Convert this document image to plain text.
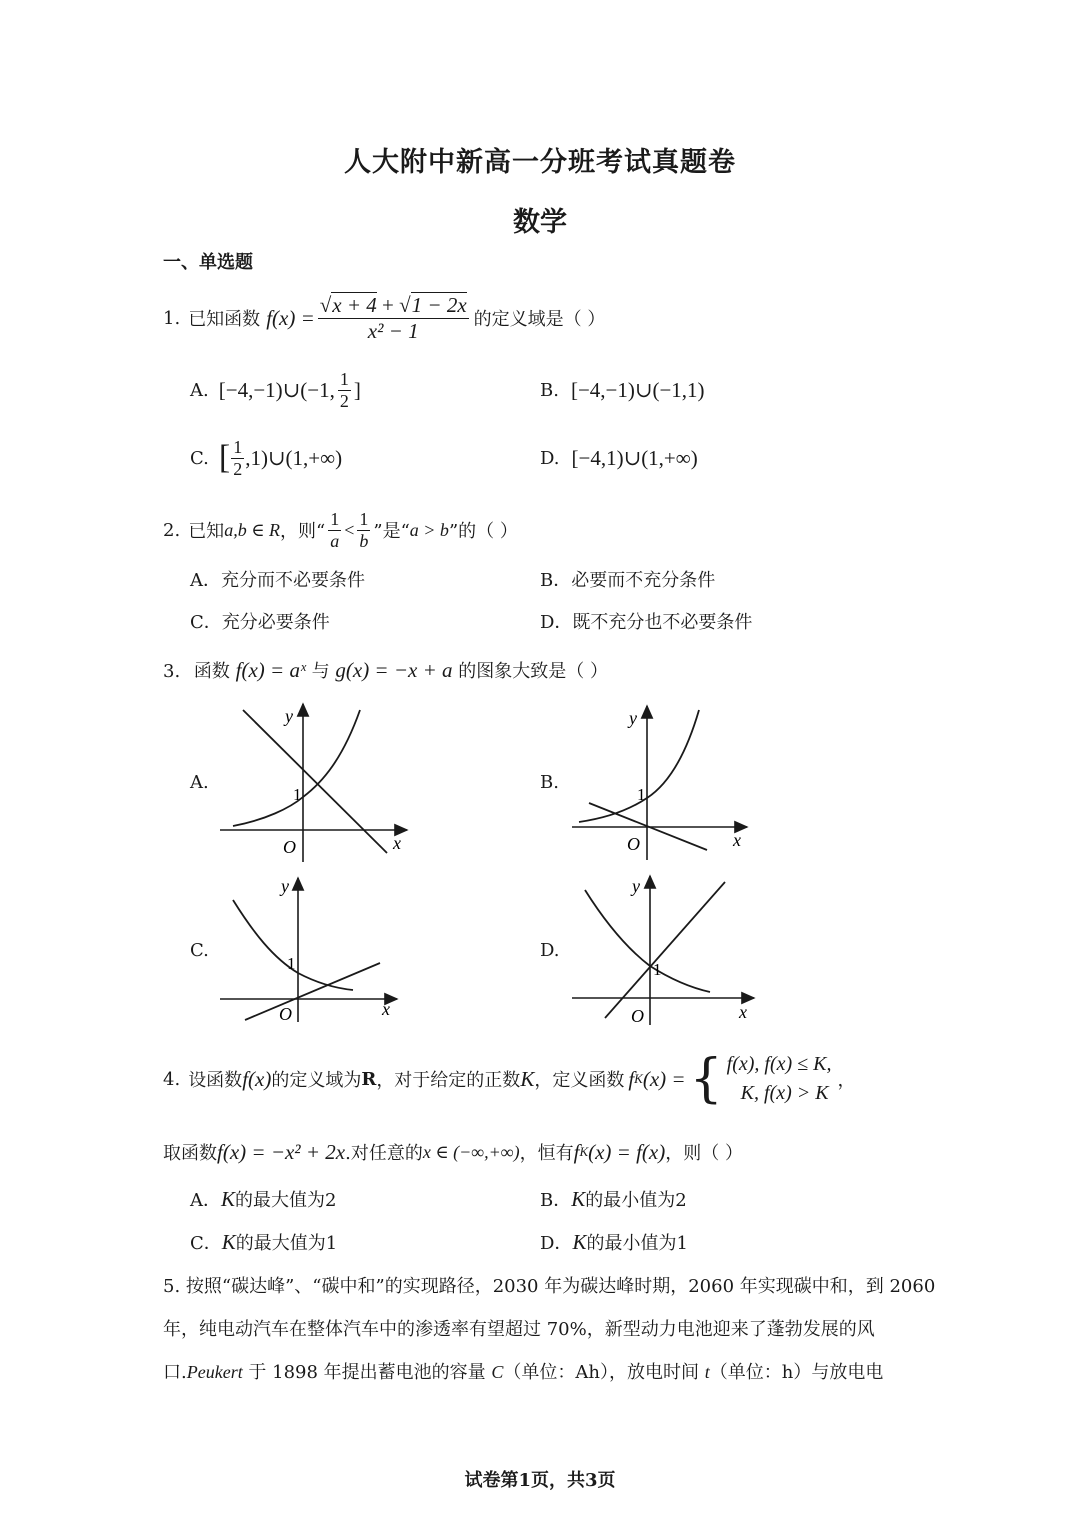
人大附中新高一分班考试真题卷
数学
一、单选题
1. 已知函数 $f(x) = \frac{√x + 4 + √1 - 2x}{\text{x² − 1}}$ 的定义域是（ ）
A. [−4,−1)∪(−1, $\frac{1}{2}$ ]	B. [−4,−1)∪(−1,1)
C. [ $\frac{1}{2}$ ,1)∪(1,+∞)	D. [−4,1)∪(1,+∞)
2. 已知 a,b ∈ R ，则“ $\frac{1}{a} < \frac{1}{b}$ ”是“ a > b ”的（ ）
A．充分而不必要条件	B．必要而不充分条件
C．充分必要条件	D．既不充分也不必要条件
3. 函数 f(x) = aˣ 与 g(x) = −x + a 的图象大致是（ ）
A.
y
1
O	x
B.
y
1
O	x
C.
y
1
O	x
D.
y
1
O	x
4. 设函数 f(x) 的定义域为 R ，对于给定的正数 K ，定义函数 f K (x) = { f(x), f(x) ≤ K,
K, f(x) > K
，
取函数 f(x) = −x² + 2x .对任意的 x ∈ (−∞,+∞) ，恒有 f K (x) = f(x) ，则（ ）
A．K的最大值为2	B．K的最小值为2
C．K的最大值为1	D．K的最小值为1
5. 按照“碳达峰”、“碳中和”的实现路径，2030 年为碳达峰时期，2060 年实现碳中和，到 2060
年，纯电动汽车在整体汽车中的渗透率有望超过 70%，新型动力电池迎来了蓬勃发展的风
口.Peukert 于 1898 年提出蓄电池的容量 C（单位：Ah），放电时间 t（单位：h）与放电电
试卷第1页，共3页
